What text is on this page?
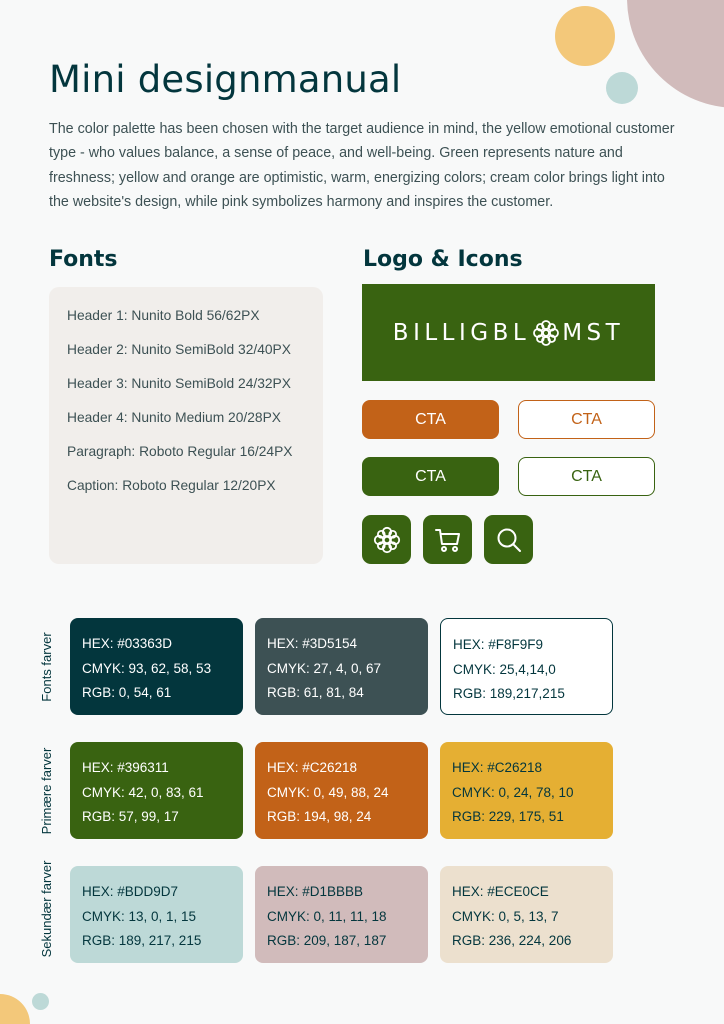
Mini designmanual

The color palette has been chosen with the target audience in mind, the yellow emotional customer type - who values balance, a sense of peace, and well-being. Green represents nature and freshness; yellow and orange are optimistic, warm, energizing colors; cream color brings light into the website's design, while pink symbolizes harmony and inspires the customer.

Fonts
Header 1: Nunito Bold 56/62PX
Header 2: Nunito SemiBold 32/40PX
Header 3: Nunito SemiBold 24/32PX
Header 4: Nunito Medium 20/28PX
Paragraph: Roboto Regular 16/24PX
Caption: Roboto Regular 12/20PX
Logo & Icons
BILLIGBL MST
CTA	CTA
CTA	CTA
Fonts farver
Primære farver
Sekundær farver
HEX: #03363D
CMYK: 93, 62, 58, 53
RGB: 0, 54, 61
HEX: #3D5154
CMYK: 27, 4, 0, 67
RGB: 61, 81, 84
HEX: #F8F9F9
CMYK: 25,4,14,0
RGB: 189,217,215
HEX: #396311
CMYK: 42, 0, 83, 61
RGB: 57, 99, 17
HEX: #C26218
CMYK: 0, 49, 88, 24
RGB: 194, 98, 24
HEX: #C26218
CMYK: 0, 24, 78, 10
RGB: 229, 175, 51
HEX: #BDD9D7
CMYK: 13, 0, 1, 15
RGB: 189, 217, 215
HEX: #D1BBBB
CMYK: 0, 11, 11, 18
RGB: 209, 187, 187
HEX: #ECE0CE
CMYK: 0, 5, 13, 7
RGB: 236, 224, 206
